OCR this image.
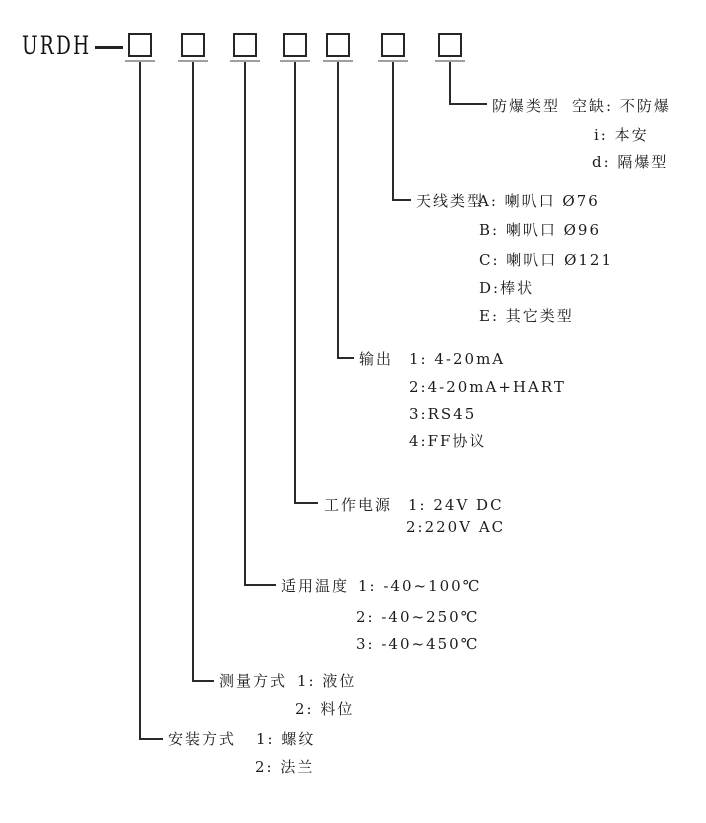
URDH
防爆类型 空缺: 不防爆
i: 本安
d: 隔爆型
天线类型
A: 喇叭口 Ø76
B: 喇叭口 Ø96
C: 喇叭口 Ø121
D:棒状
E: 其它类型
输出 1: 4-20mA
2:4-20mA+HART
3:RS45
4:FF协议
工作电源 1: 24V DC
2:220V AC
适用温度 1: -40~100℃
2: -40~250℃
3: -40~450℃
测量方式 1: 液位
2: 料位
安装方式 1: 螺纹
2: 法兰
